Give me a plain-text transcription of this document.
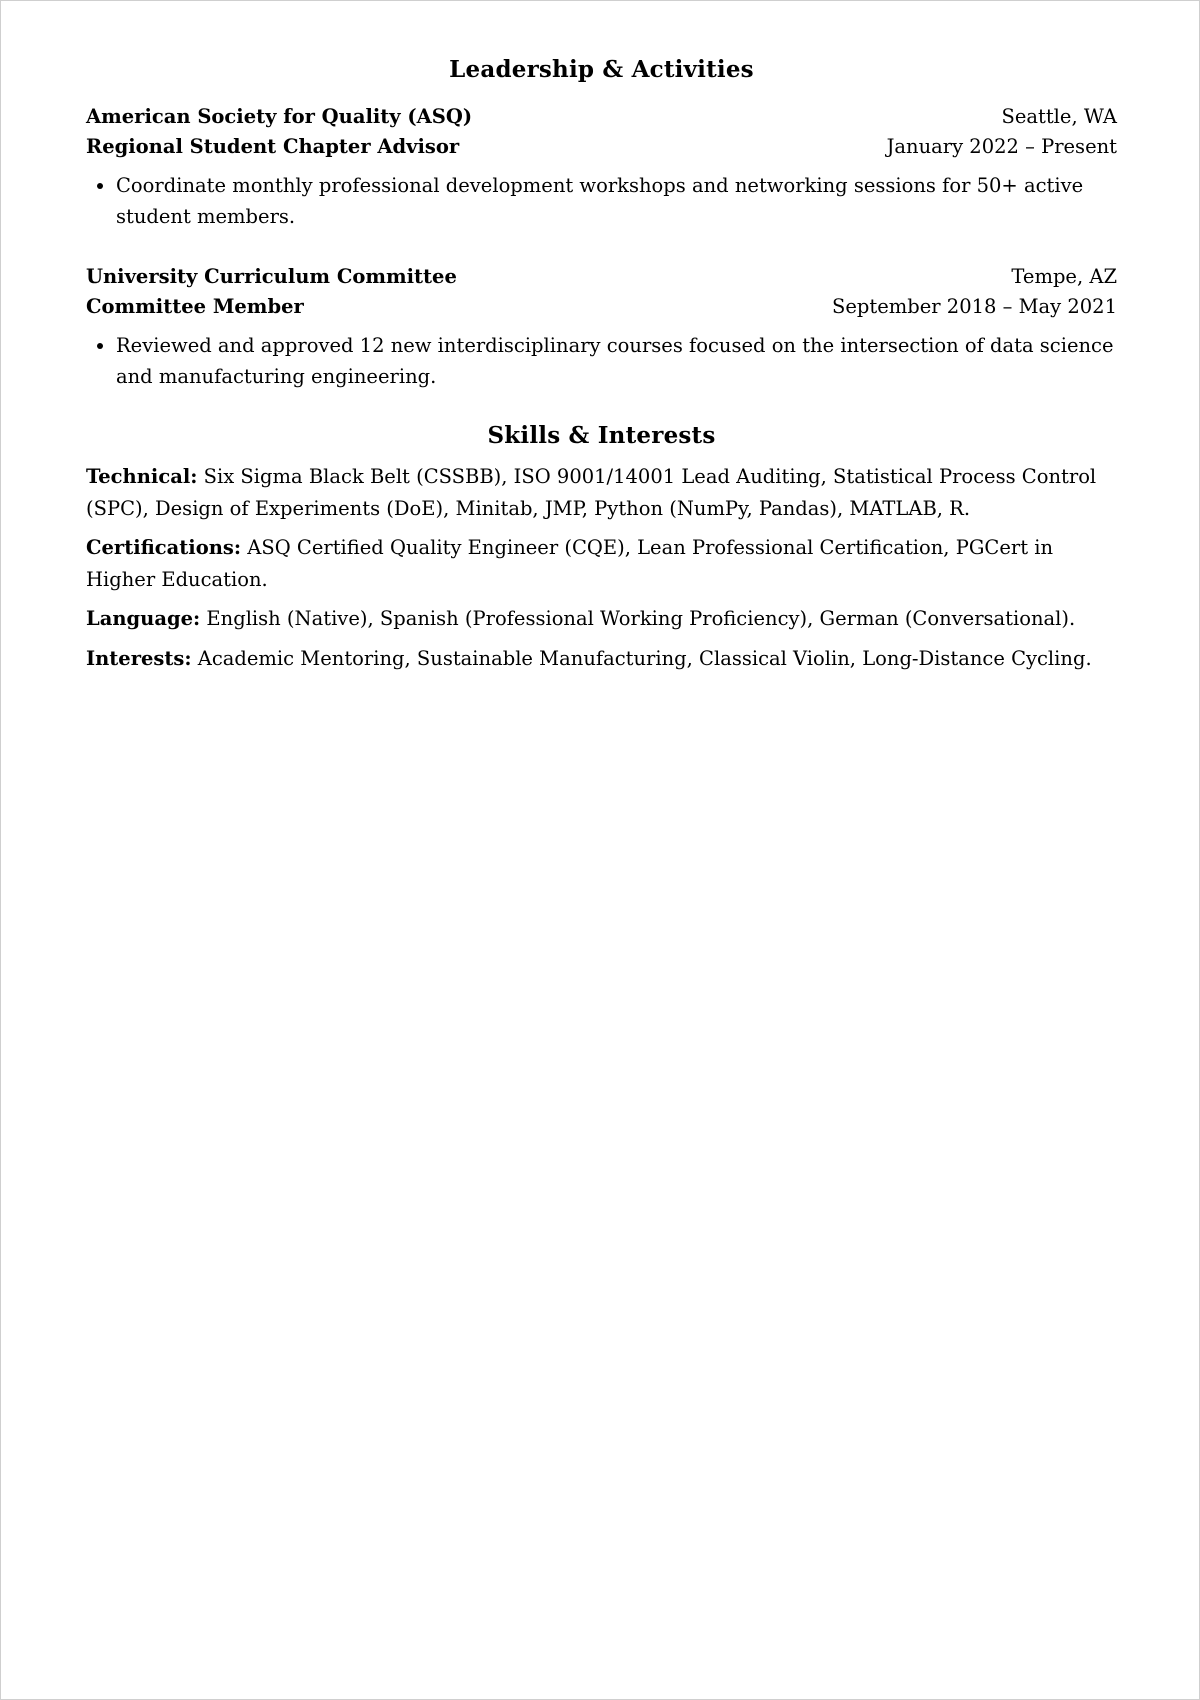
Leadership & Activities
American Society for Quality (ASQ)	Seattle, WA
Regional Student Chapter Advisor	January 2022 – Present
• Coordinate monthly professional development workshops and networking sessions for 50+ active student members.
University Curriculum Committee	Tempe, AZ
Committee Member	September 2018 – May 2021
• Reviewed and approved 12 new interdisciplinary courses focused on the intersection of data science and manufacturing engineering.
Skills & Interests

Technical: Six Sigma Black Belt (CSSBB), ISO 9001/14001 Lead Auditing, Statistical Process Control (SPC), Design of Experiments (DoE), Minitab, JMP, Python (NumPy, Pandas), MATLAB, R.

Certifications: ASQ Certified Quality Engineer (CQE), Lean Professional Certification, PGCert in Higher Education.

Language: English (Native), Spanish (Professional Working Proficiency), German (Conversational).

Interests: Academic Mentoring, Sustainable Manufacturing, Classical Violin, Long-Distance Cycling.
